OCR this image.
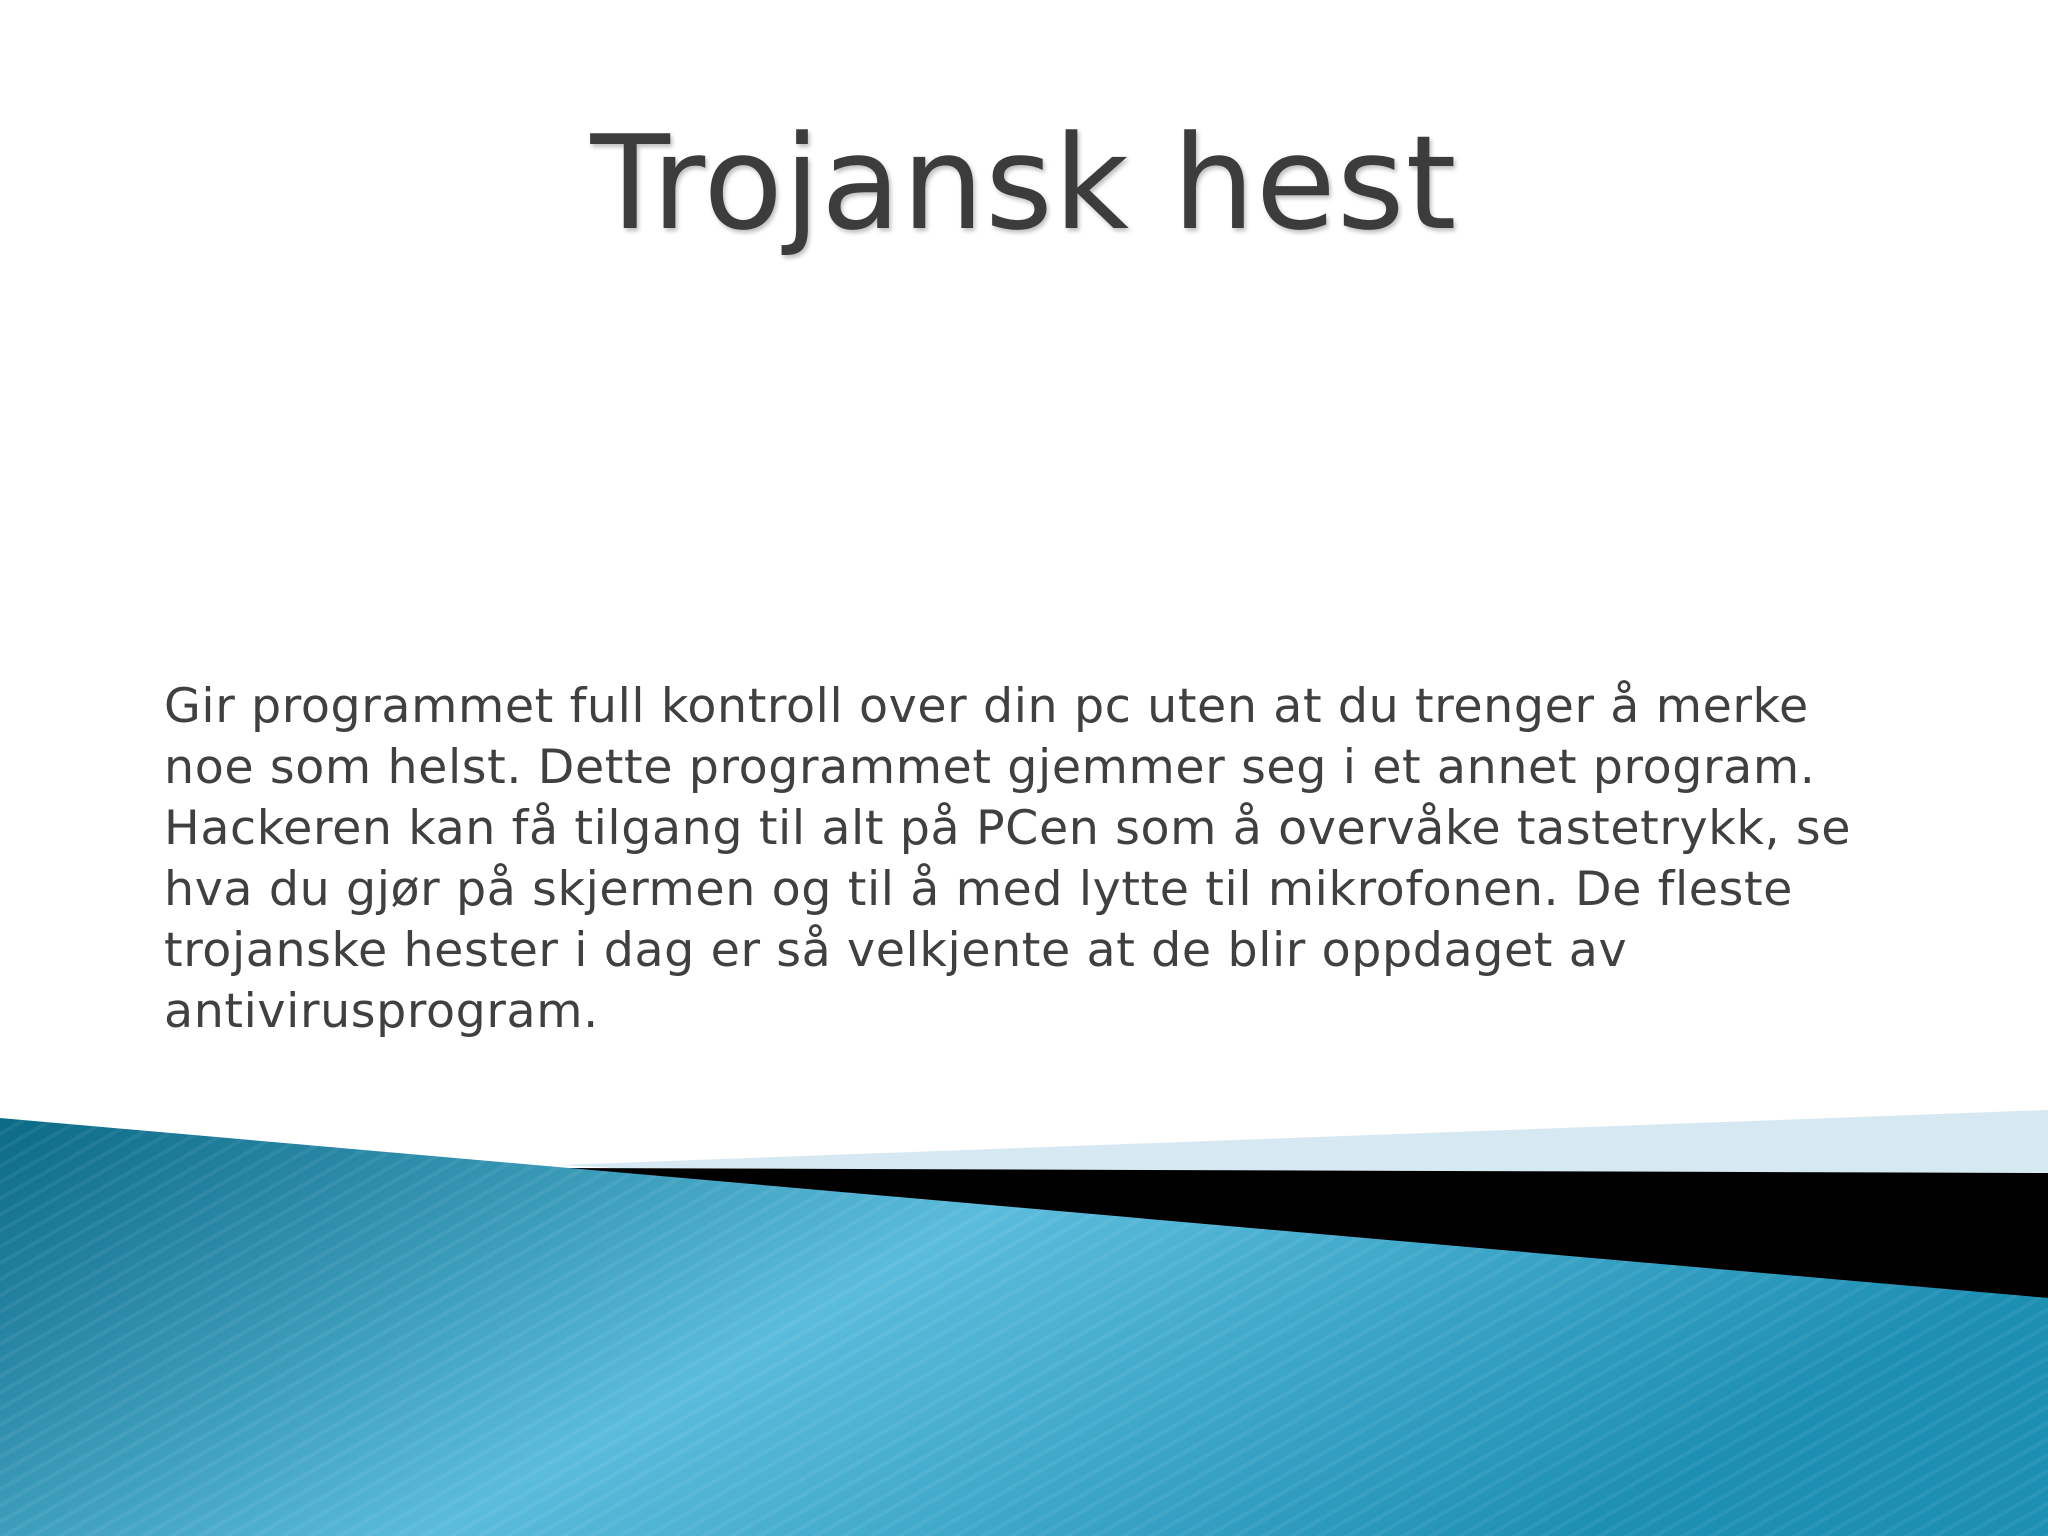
Trojansk hest

Gir programmet full kontroll over din pc uten at du trenger å merke noe som helst. Dette programmet gjemmer seg i et annet program. Hackeren kan få tilgang til alt på PCen som å overvåke tastetrykk, se hva du gjør på skjermen og til å med lytte til mikrofonen. De fleste trojanske hester i dag er så velkjente at de blir oppdaget av antivirusprogram.
